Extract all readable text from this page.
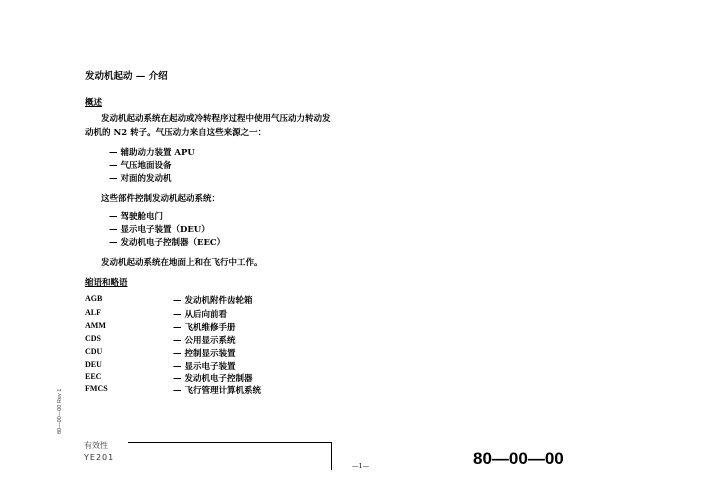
发动机起动 — 介绍
概述
发动机起动系统在起动或冷转程序过程中使用气压动力转动发
动机的 N2 转子。气压动力来自这些来源之一：
— 辅助动力装置 APU
— 气压地面设备
— 对面的发动机
这些部件控制发动机起动系统：
— 驾驶舱电门
— 显示电子装置（DEU）
— 发动机电子控制器（EEC）
发动机起动系统在地面上和在飞行中工作。
缩语和略语
AGB	— 发动机附件齿轮箱
ALF	— 从后向前看
AMM	— 飞机维修手册
CDS	— 公用显示系统
CDU	— 控制显示装置
DEU	— 显示电子装置
EEC	— 发动机电子控制器
FMCS	— 飞行管理计算机系统
80—00—00 Rev 1
有效性
YE201
—1—	80—00—00
